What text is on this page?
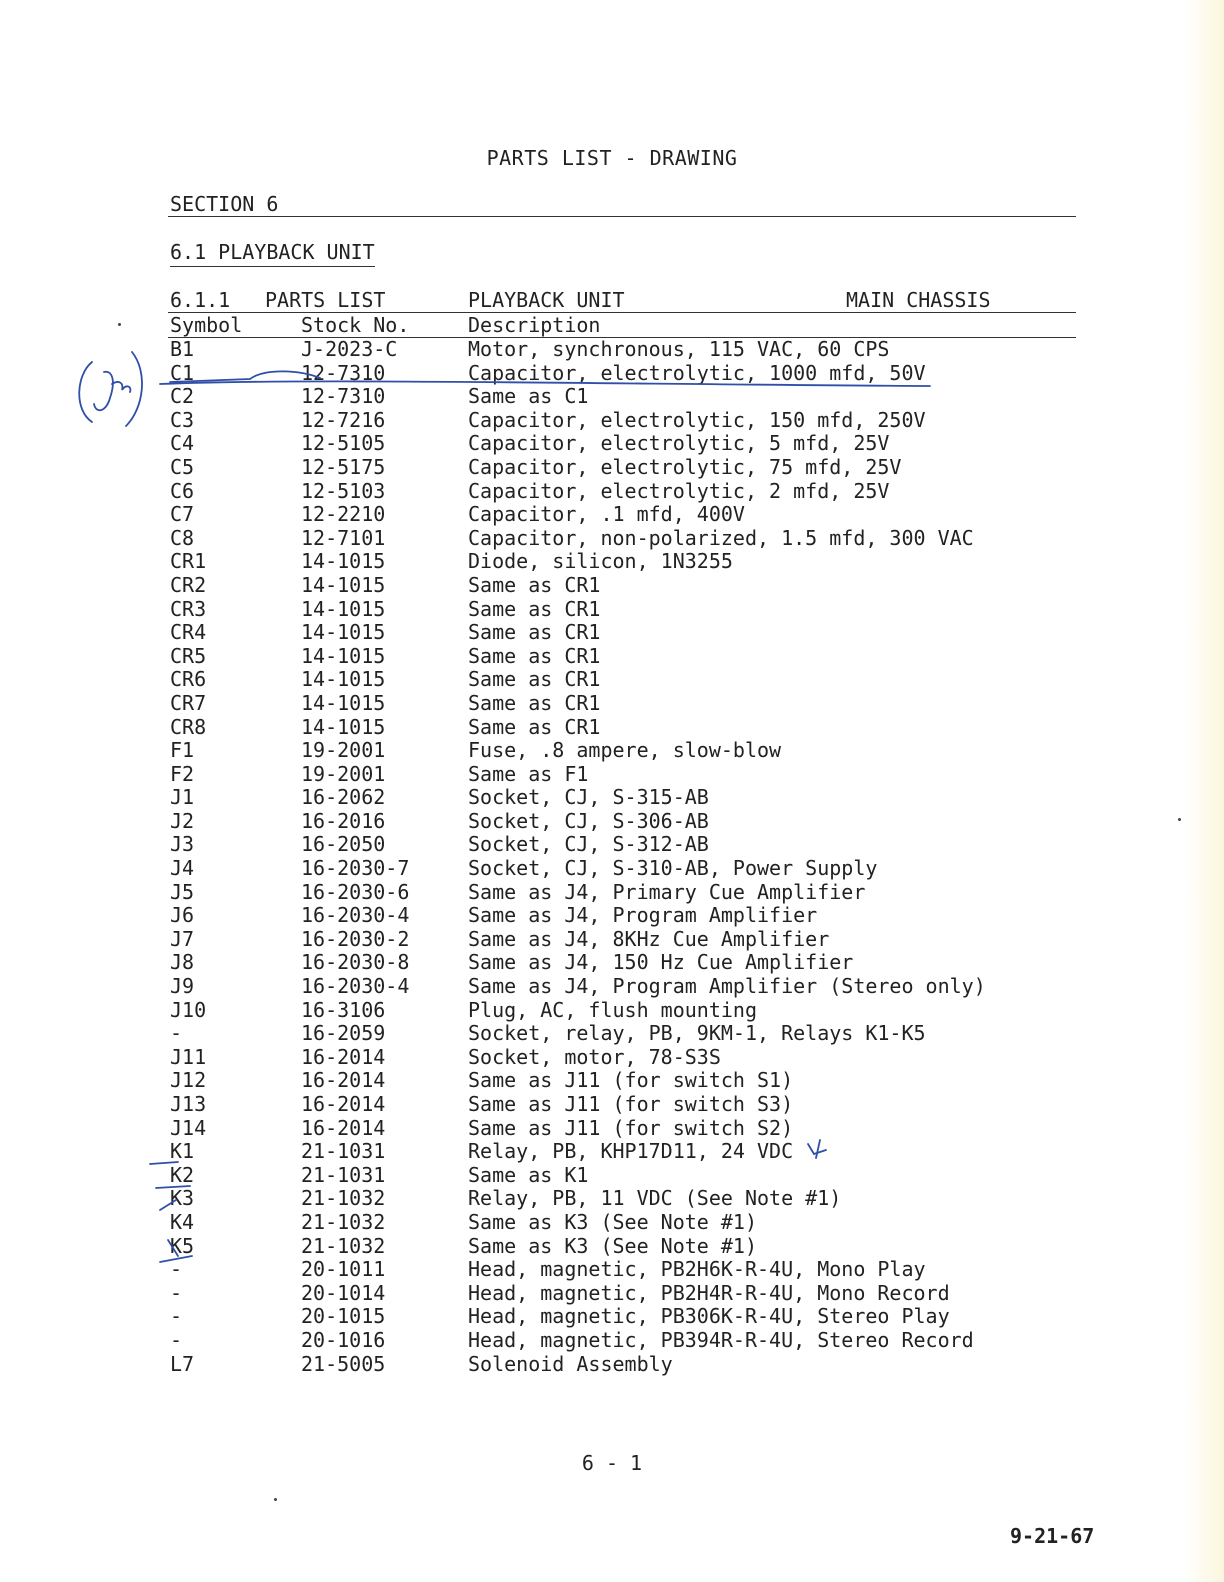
PARTS LIST - DRAWING
SECTION 6
6.1 PLAYBACK UNIT
6.1.1 PARTS LIST	PLAYBACK UNIT	MAIN CHASSIS
Symbol	Stock No.	Description
B1	J-2023-C	Motor, synchronous, 115 VAC, 60 CPS
C1	12-7310	Capacitor, electrolytic, 1000 mfd, 50V
C2	12-7310	Same as C1
C3	12-7216	Capacitor, electrolytic, 150 mfd, 250V
C4	12-5105	Capacitor, electrolytic, 5 mfd, 25V
C5	12-5175	Capacitor, electrolytic, 75 mfd, 25V
C6	12-5103	Capacitor, electrolytic, 2 mfd, 25V
C7	12-2210	Capacitor, .1 mfd, 400V
C8	12-7101	Capacitor, non-polarized, 1.5 mfd, 300 VAC
CR1	14-1015	Diode, silicon, 1N3255
CR2	14-1015	Same as CR1
CR3	14-1015	Same as CR1
CR4	14-1015	Same as CR1
CR5	14-1015	Same as CR1
CR6	14-1015	Same as CR1
CR7	14-1015	Same as CR1
CR8	14-1015	Same as CR1
F1	19-2001	Fuse, .8 ampere, slow-blow
F2	19-2001	Same as F1
J1	16-2062	Socket, CJ, S-315-AB
J2	16-2016	Socket, CJ, S-306-AB
J3	16-2050	Socket, CJ, S-312-AB
J4	16-2030-7	Socket, CJ, S-310-AB, Power Supply
J5	16-2030-6	Same as J4, Primary Cue Amplifier
J6	16-2030-4	Same as J4, Program Amplifier
J7	16-2030-2	Same as J4, 8KHz Cue Amplifier
J8	16-2030-8	Same as J4, 150 Hz Cue Amplifier
J9	16-2030-4	Same as J4, Program Amplifier (Stereo only)
J10	16-3106	Plug, AC, flush mounting
-	16-2059	Socket, relay, PB, 9KM-1, Relays K1-K5
J11	16-2014	Socket, motor, 78-S3S
J12	16-2014	Same as J11 (for switch S1)
J13	16-2014	Same as J11 (for switch S3)
J14	16-2014	Same as J11 (for switch S2)
K1	21-1031	Relay, PB, KHP17D11, 24 VDC
K2	21-1031	Same as K1
K3	21-1032	Relay, PB, 11 VDC (See Note #1)
K4	21-1032	Same as K3 (See Note #1)
K5	21-1032	Same as K3 (See Note #1)
-	20-1011	Head, magnetic, PB2H6K-R-4U, Mono Play
-	20-1014	Head, magnetic, PB2H4R-R-4U, Mono Record
-	20-1015	Head, magnetic, PB306K-R-4U, Stereo Play
-	20-1016	Head, magnetic, PB394R-R-4U, Stereo Record
L7	21-5005	Solenoid Assembly
6 - 1
9-21-67
